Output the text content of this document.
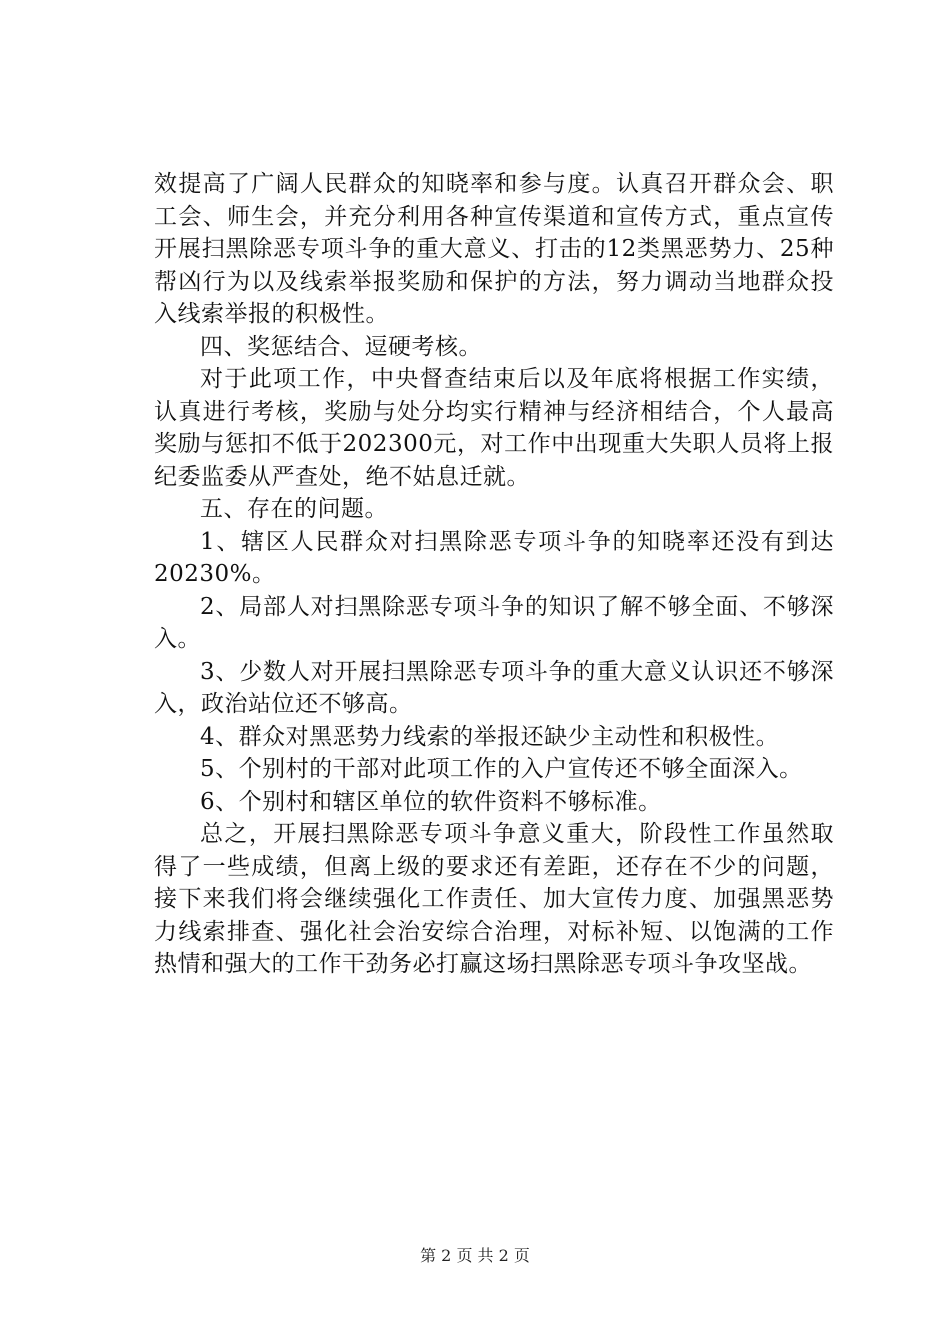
效提高了广阔人民群众的知晓率和参与度。认真召开群众会、职工会、师生会，并充分利用各种宣传渠道和宣传方式，重点宣传开展扫黑除恶专项斗争的重大意义、打击的12类黑恶势力、25种帮凶行为以及线索举报奖励和保护的方法，努力调动当地群众投入线索举报的积极性。

四、奖惩结合、逗硬考核。

对于此项工作，中央督查结束后以及年底将根据工作实绩，认真进行考核，奖励与处分均实行精神与经济相结合，个人最高奖励与惩扣不低于202300元，对工作中出现重大失职人员将上报纪委监委从严查处，绝不姑息迁就。

五、存在的问题。

1、辖区人民群众对扫黑除恶专项斗争的知晓率还没有到达20230%。

2、局部人对扫黑除恶专项斗争的知识了解不够全面、不够深入。

3、少数人对开展扫黑除恶专项斗争的重大意义认识还不够深入，政治站位还不够高。

4、群众对黑恶势力线索的举报还缺少主动性和积极性。

5、个别村的干部对此项工作的入户宣传还不够全面深入。

6、个别村和辖区单位的软件资料不够标准。

总之，开展扫黑除恶专项斗争意义重大，阶段性工作虽然取得了一些成绩，但离上级的要求还有差距，还存在不少的问题，接下来我们将会继续强化工作责任、加大宣传力度、加强黑恶势力线索排查、强化社会治安综合治理，对标补短、以饱满的工作热情和强大的工作干劲务必打赢这场扫黑除恶专项斗争攻坚战。

第 2 页 共 2 页
